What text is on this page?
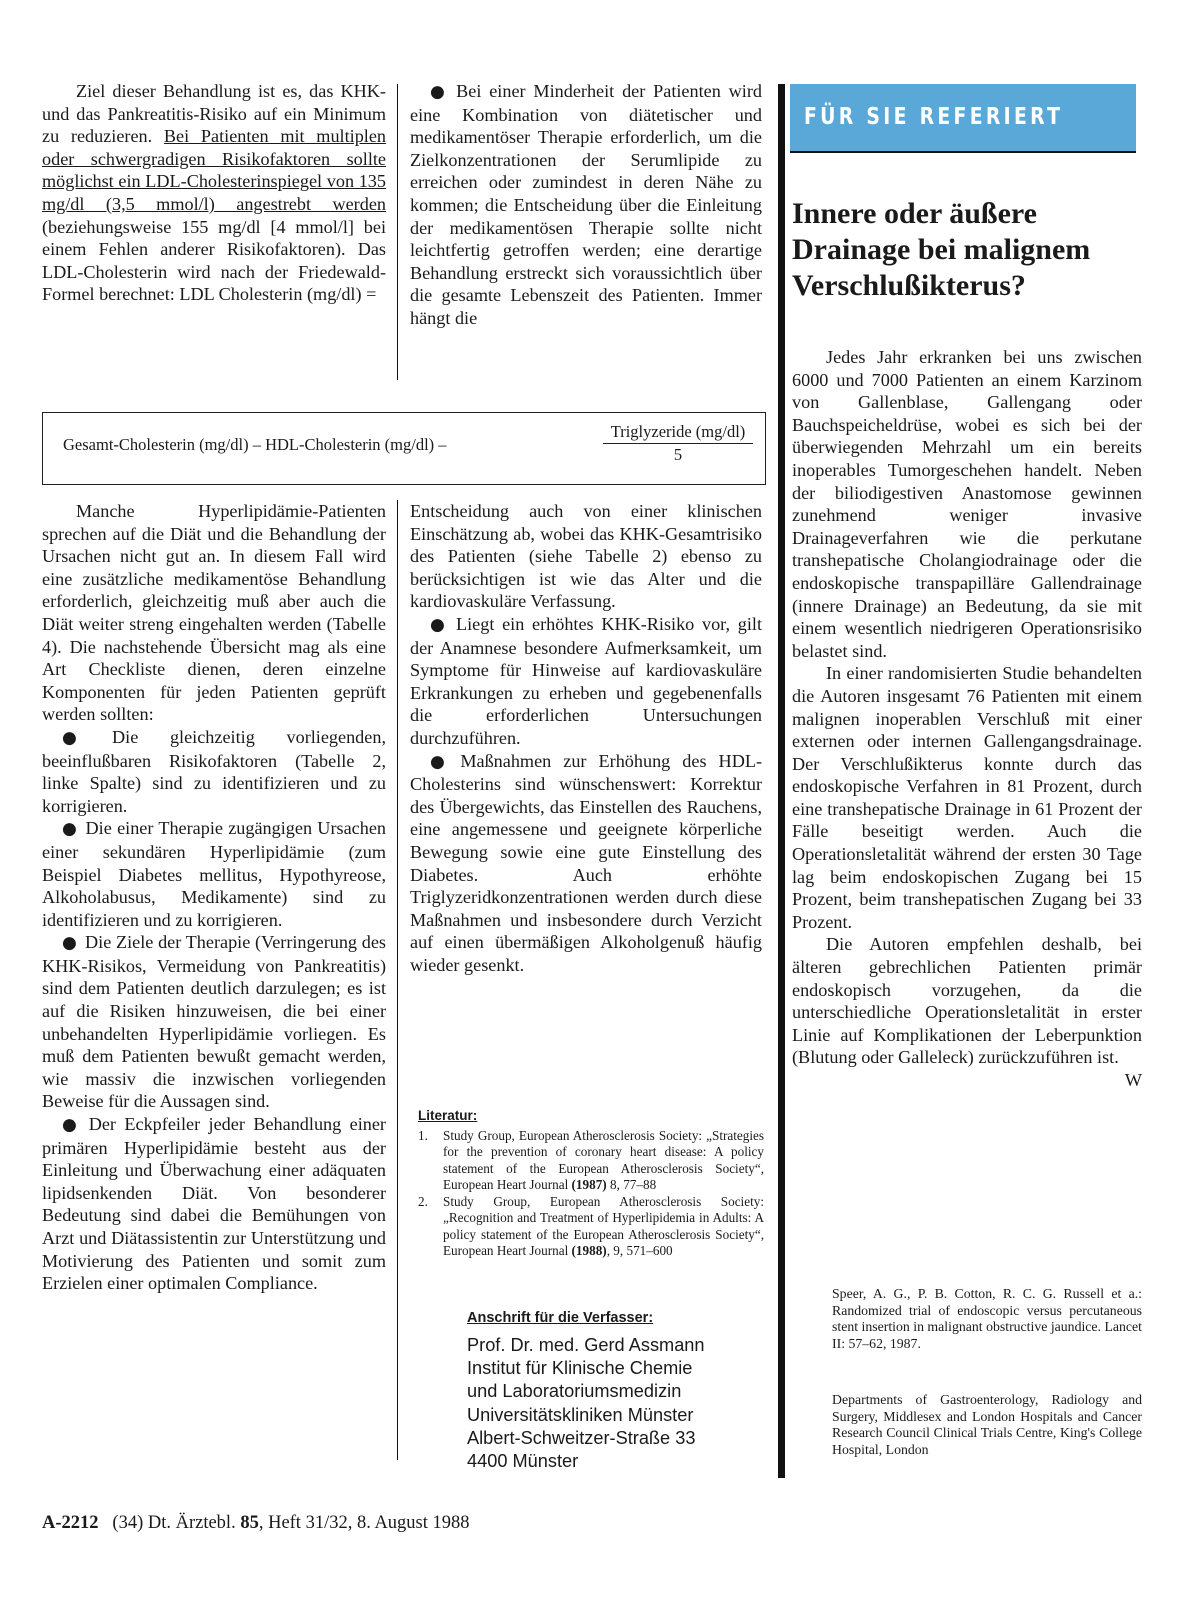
Ziel dieser Behandlung ist es, das KHK- und das Pankreatitis-Risiko auf ein Minimum zu reduzieren. Bei Patienten mit multiplen oder schwergradigen Risikofaktoren sollte möglichst ein LDL-Cholesterinspiegel von 135 mg/dl (3,5 mmol/l) angestrebt werden (beziehungsweise 155 mg/dl [4 mmol/l] bei einem Fehlen anderer Risikofaktoren). Das LDL-Cholesterin wird nach der Friedewald-Formel berechnet: LDL Cholesterin (mg/dl) =

● Bei einer Minderheit der Patienten wird eine Kombination von diätetischer und medikamentöser Therapie erforderlich, um die Zielkonzentrationen der Serumlipide zu erreichen oder zumindest in deren Nähe zu kommen; die Entscheidung über die Einleitung der medikamentösen Therapie sollte nicht leichtfertig getroffen werden; eine derartige Behandlung erstreckt sich voraussichtlich über die gesamte Lebenszeit des Patienten. Immer hängt die

Gesamt-Cholesterin (mg/dl) – HDL-Cholesterin (mg/dl) –
Triglyzeride (mg/dl)
5

Manche Hyperlipidämie-Patienten sprechen auf die Diät und die Behandlung der Ursachen nicht gut an. In diesem Fall wird eine zusätzliche medikamentöse Behandlung erforderlich, gleichzeitig muß aber auch die Diät weiter streng eingehalten werden (Tabelle 4). Die nachstehende Übersicht mag als eine Art Checkliste dienen, deren einzelne Komponenten für jeden Patienten geprüft werden sollten:

● Die gleichzeitig vorliegenden, beeinflußbaren Risikofaktoren (Tabelle 2, linke Spalte) sind zu identifizieren und zu korrigieren.

● Die einer Therapie zugängigen Ursachen einer sekundären Hyperlipidämie (zum Beispiel Diabetes mellitus, Hypothyreose, Alkoholabusus, Medikamente) sind zu identifizieren und zu korrigieren.

● Die Ziele der Therapie (Verringerung des KHK-Risikos, Vermeidung von Pankreatitis) sind dem Patienten deutlich darzulegen; es ist auf die Risiken hinzuweisen, die bei einer unbehandelten Hyperlipidämie vorliegen. Es muß dem Patienten bewußt gemacht werden, wie massiv die inzwischen vorliegenden Beweise für die Aussagen sind.

● Der Eckpfeiler jeder Behandlung einer primären Hyperlipidämie besteht aus der Einleitung und Überwachung einer adäquaten lipidsenkenden Diät. Von besonderer Bedeutung sind dabei die Bemühungen von Arzt und Diätassistentin zur Unterstützung und Motivierung des Patienten und somit zum Erzielen einer optimalen Compliance.

Entscheidung auch von einer klinischen Einschätzung ab, wobei das KHK-Gesamtrisiko des Patienten (siehe Tabelle 2) ebenso zu berücksichtigen ist wie das Alter und die kardiovaskuläre Verfassung.

● Liegt ein erhöhtes KHK-Risiko vor, gilt der Anamnese besondere Aufmerksamkeit, um Symptome für Hinweise auf kardiovaskuläre Erkrankungen zu erheben und gegebenenfalls die erforderlichen Untersuchungen durchzuführen.

● Maßnahmen zur Erhöhung des HDL-Cholesterins sind wünschenswert: Korrektur des Übergewichts, das Einstellen des Rauchens, eine angemessene und geeignete körperliche Bewegung sowie eine gute Einstellung des Diabetes. Auch erhöhte Triglyzeridkonzentrationen werden durch diese Maßnahmen und insbesondere durch Verzicht auf einen übermäßigen Alkoholgenuß häufig wieder gesenkt.

Literatur:
1. Study Group, European Atherosclerosis Society: „Strategies for the prevention of coronary heart disease: A policy statement of the European Atherosclerosis Society“, European Heart Journal (1987) 8, 77–88
2. Study Group, European Atherosclerosis Society: „Recognition and Treatment of Hyperlipidemia in Adults: A policy statement of the European Atherosclerosis Society“, European Heart Journal (1988), 9, 571–600
Anschrift für die Verfasser:
Prof. Dr. med. Gerd Assmann
Institut für Klinische Chemie
und Laboratoriumsmedizin
Universitätskliniken Münster
Albert-Schweitzer-Straße 33
4400 Münster
FÜR SIE REFERIERT
Innere oder äußere Drainage bei malignem Verschlußikterus?

Jedes Jahr erkranken bei uns zwischen 6000 und 7000 Patienten an einem Karzinom von Gallenblase, Gallengang oder Bauchspeicheldrüse, wobei es sich bei der überwiegenden Mehrzahl um ein bereits inoperables Tumorgeschehen handelt. Neben der biliodigestiven Anastomose gewinnen zunehmend weniger invasive Drainageverfahren wie die perkutane transhepatische Cholangiodrainage oder die endoskopische transpapilläre Gallendrainage (innere Drainage) an Bedeutung, da sie mit einem wesentlich niedrigeren Operationsrisiko belastet sind.

In einer randomisierten Studie behandelten die Autoren insgesamt 76 Patienten mit einem malignen inoperablen Verschluß mit einer externen oder internen Gallengangsdrainage. Der Verschlußikterus konnte durch das endoskopische Verfahren in 81 Prozent, durch eine transhepatische Drainage in 61 Prozent der Fälle beseitigt werden. Auch die Operationsletalität während der ersten 30 Tage lag beim endoskopischen Zugang bei 15 Prozent, beim transhepatischen Zugang bei 33 Prozent.

Die Autoren empfehlen deshalb, bei älteren gebrechlichen Patienten primär endoskopisch vorzugehen, da die unterschiedliche Operationsletalität in erster Linie auf Komplikationen der Leberpunktion (Blutung oder Galleleck) zurückzuführen ist.
W

Speer, A. G., P. B. Cotton, R. C. G. Russell et a.: Randomized trial of endoscopic versus percutaneous stent insertion in malignant obstructive jaundice. Lancet II: 57–62, 1987.
Departments of Gastroenterology, Radiology and Surgery, Middlesex and London Hospitals and Cancer Research Council Clinical Trials Centre, King's College Hospital, London
A-2212 (34) Dt. Ärztebl. 85, Heft 31/32, 8. August 1988
